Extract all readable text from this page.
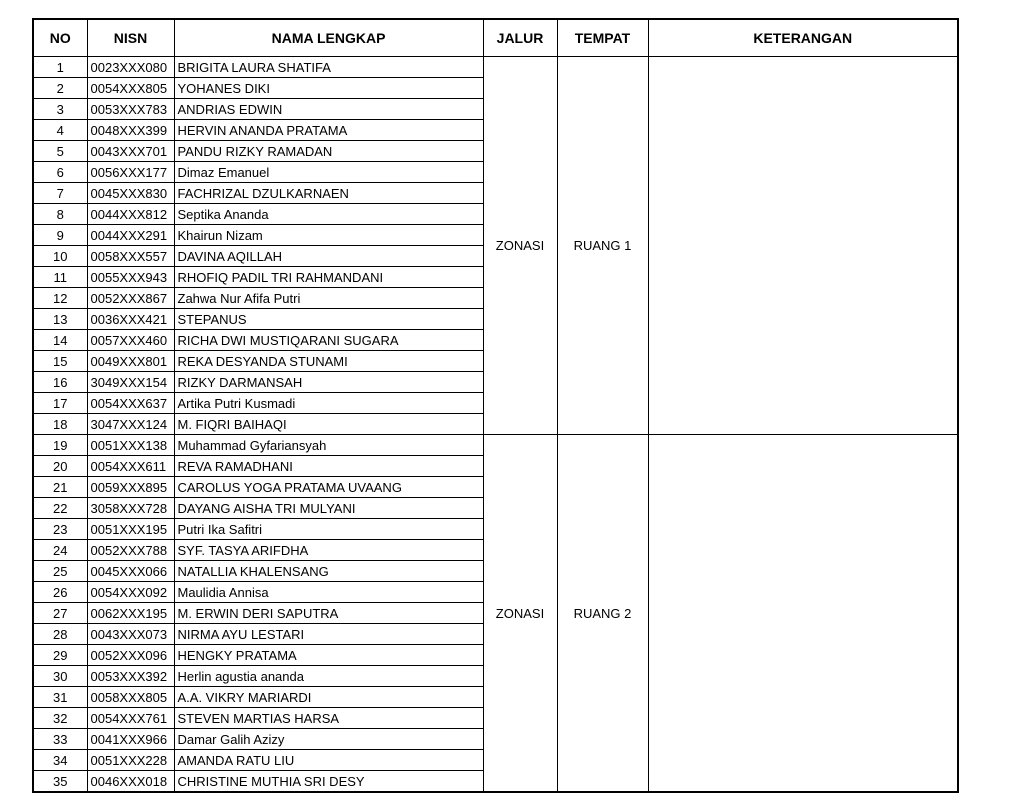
NO	NISN	NAMA LENGKAP	JALUR	TEMPAT	KETERANGAN
1	0023XXX080	BRIGITA LAURA SHATIFA	ZONASI	RUANG 1	
2	0054XXX805	YOHANES DIKI			
3	0053XXX783	ANDRIAS EDWIN			
4	0048XXX399	HERVIN ANANDA PRATAMA			
5	0043XXX701	PANDU RIZKY RAMADAN			
6	0056XXX177	Dimaz Emanuel			
7	0045XXX830	FACHRIZAL DZULKARNAEN			
8	0044XXX812	Septika Ananda			
9	0044XXX291	Khairun Nizam			
10	0058XXX557	DAVINA AQILLAH			
11	0055XXX943	RHOFIQ PADIL TRI RAHMANDANI			
12	0052XXX867	Zahwa Nur Afifa Putri			
13	0036XXX421	STEPANUS			
14	0057XXX460	RICHA DWI MUSTIQARANI SUGARA			
15	0049XXX801	REKA DESYANDA STUNAMI			
16	3049XXX154	RIZKY DARMANSAH			
17	0054XXX637	Artika Putri Kusmadi			
18	3047XXX124	M. FIQRI BAIHAQI			
19	0051XXX138	Muhammad Gyfariansyah	ZONASI	RUANG 2	
20	0054XXX611	REVA RAMADHANI			
21	0059XXX895	CAROLUS YOGA PRATAMA UVAANG			
22	3058XXX728	DAYANG AISHA TRI MULYANI			
23	0051XXX195	Putri Ika Safitri			
24	0052XXX788	SYF. TASYA ARIFDHA			
25	0045XXX066	NATALLIA KHALENSANG			
26	0054XXX092	Maulidia Annisa			
27	0062XXX195	M. ERWIN DERI SAPUTRA			
28	0043XXX073	NIRMA AYU LESTARI			
29	0052XXX096	HENGKY PRATAMA			
30	0053XXX392	Herlin agustia ananda			
31	0058XXX805	A.A. VIKRY MARIARDI			
32	0054XXX761	STEVEN MARTIAS HARSA			
33	0041XXX966	Damar Galih Azizy			
34	0051XXX228	AMANDA RATU LIU			
35	0046XXX018	CHRISTINE MUTHIA SRI DESY			
